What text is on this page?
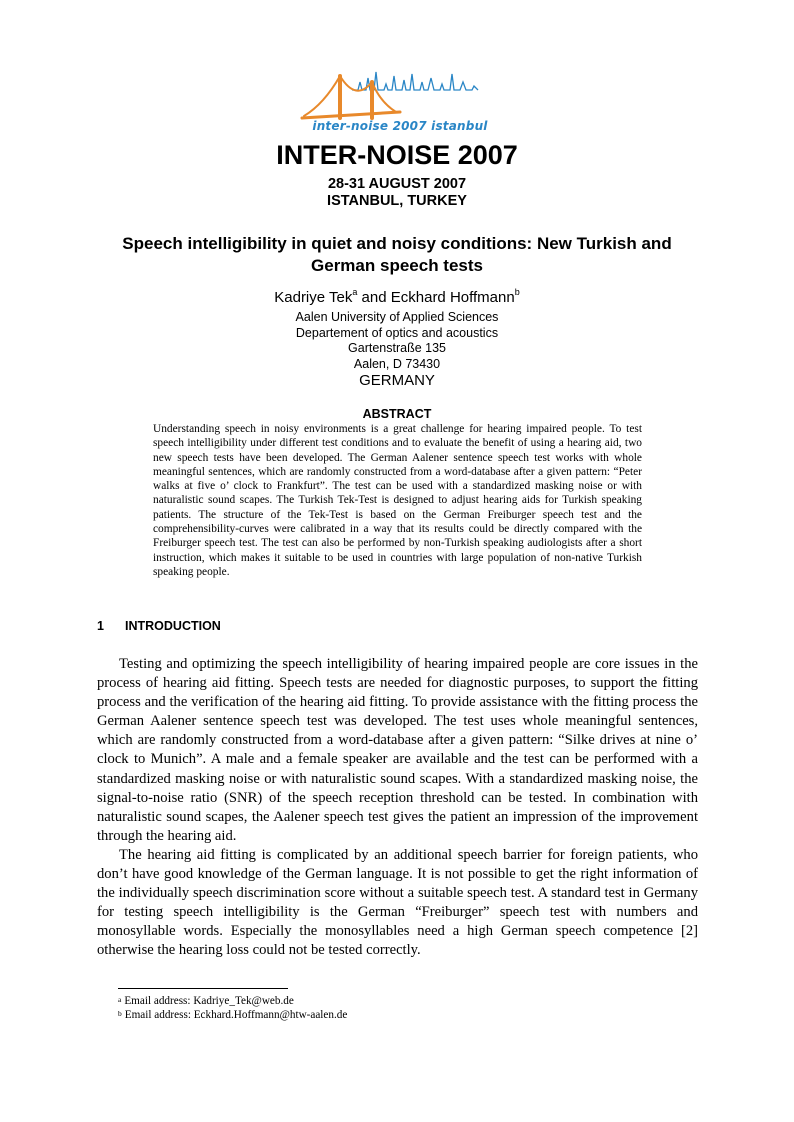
inter-noise 2007 istanbul
INTER-NOISE 2007
28-31 AUGUST 2007
ISTANBUL, TURKEY
Speech intelligibility in quiet and noisy conditions: New Turkish and German speech tests
Kadriye Tek$^a$ and Eckhard Hoffmann$^b$
Aalen University of Applied Sciences
Departement of optics and acoustics
Gartenstraße 135
Aalen, D 73430
GERMANY
ABSTRACT
Understanding speech in noisy environments is a great challenge for hearing impaired people. To test speech intelligibility under different test conditions and to evaluate the benefit of using a hearing aid, two new speech tests have been developed. The German Aalener sentence speech test works with whole meaningful sentences, which are randomly constructed from a word-database after a given pattern: “Peter walks at five o’ clock to Frankfurt”. The test can be used with a standardized masking noise or with naturalistic sound scapes. The Turkish Tek-Test is designed to adjust hearing aids for Turkish speaking patients. The structure of the Tek-Test is based on the German Freiburger speech test and the comprehensibility-curves were calibrated in a way that its results could be directly compared with the Freiburger speech test. The test can also be performed by non-Turkish speaking audiologists after a short instruction, which makes it suitable to be used in countries with large population of non-native Turkish speaking people.
1 INTRODUCTION

Testing and optimizing the speech intelligibility of hearing impaired people are core issues in the process of hearing aid fitting. Speech tests are needed for diagnostic purposes, to support the fitting process and the verification of the hearing aid fitting. To provide assistance with the fitting process the German Aalener sentence speech test was developed. The test uses whole meaningful sentences, which are randomly constructed from a word-database after a given pattern: “Silke drives at nine o’ clock to Munich”. A male and a female speaker are available and the test can be performed with a standardized masking noise or with naturalistic sound scapes. With a standardized masking noise, the signal-to-noise ratio (SNR) of the speech reception threshold can be tested. In combination with naturalistic sound scapes, the Aalener speech test gives the patient an impression of the improvement through the hearing aid.

The hearing aid fitting is complicated by an additional speech barrier for foreign patients, who don’t have good knowledge of the German language. It is not possible to get the right information of the individually speech discrimination score without a suitable speech test. A standard test in Germany for testing speech intelligibility is the German “Freiburger” speech test with numbers and monosyllable words. Especially the monosyllables need a high German speech competence [2] otherwise the hearing loss could not be tested correctly.

$^a$ Email address: Kadriye_Tek@web.de
$^b$ Email address: Eckhard.Hoffmann@htw-aalen.de
